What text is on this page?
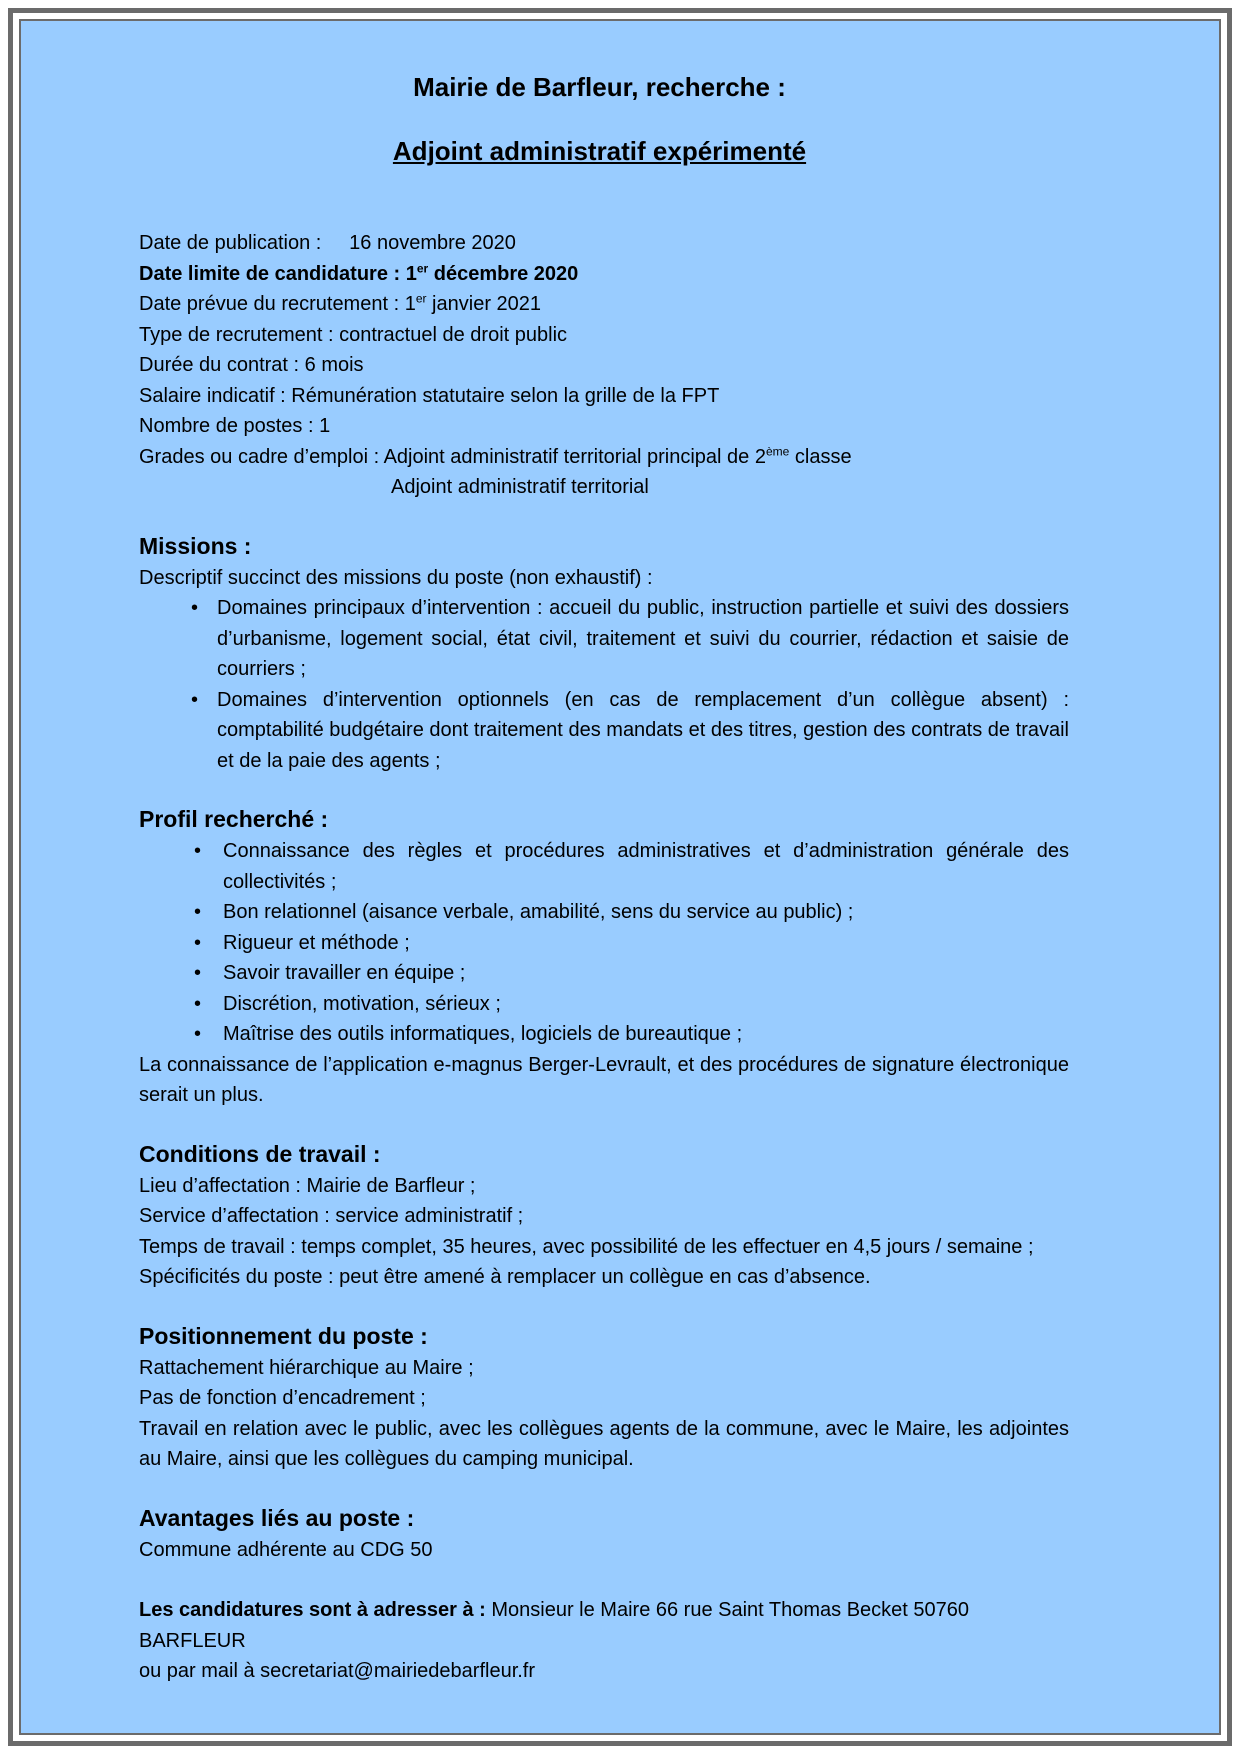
Mairie de Barfleur, recherche :
Adjoint administratif expérimenté
Date de publication : 16 novembre 2020
Date limite de candidature : 1er décembre 2020
Date prévue du recrutement : 1er janvier 2021
Type de recrutement : contractuel de droit public
Durée du contrat : 6 mois
Salaire indicatif : Rémunération statutaire selon la grille de la FPT
Nombre de postes : 1
Grades ou cadre d’emploi : Adjoint administratif territorial principal de 2ème classe
Adjoint administratif territorial
Missions :
Descriptif succinct des missions du poste (non exhaustif) :
• Domaines principaux d’intervention : accueil du public, instruction partielle et suivi des dossiers d’urbanisme, logement social, état civil, traitement et suivi du courrier, rédaction et saisie de courriers ;
• Domaines d’intervention optionnels (en cas de remplacement d’un collègue absent) : comptabilité budgétaire dont traitement des mandats et des titres, gestion des contrats de travail et de la paie des agents ;
Profil recherché :
• Connaissance des règles et procédures administratives et d’administration générale des collectivités ;
• Bon relationnel (aisance verbale, amabilité, sens du service au public) ;
• Rigueur et méthode ;
• Savoir travailler en équipe ;
• Discrétion, motivation, sérieux ;
• Maîtrise des outils informatiques, logiciels de bureautique ;
La connaissance de l’application e-magnus Berger-Levrault, et des procédures de signature électronique serait un plus.
Conditions de travail :
Lieu d’affectation : Mairie de Barfleur ;
Service d’affectation : service administratif ;
Temps de travail : temps complet, 35 heures, avec possibilité de les effectuer en 4,5 jours / semaine ;
Spécificités du poste : peut être amené à remplacer un collègue en cas d’absence.
Positionnement du poste :
Rattachement hiérarchique au Maire ;
Pas de fonction d’encadrement ;
Travail en relation avec le public, avec les collègues agents de la commune, avec le Maire, les adjointes au Maire, ainsi que les collègues du camping municipal.
Avantages liés au poste :
Commune adhérente au CDG 50
Les candidatures sont à adresser à : Monsieur le Maire 66 rue Saint Thomas Becket 50760 BARFLEUR
ou par mail à secretariat@mairiedebarfleur.fr
